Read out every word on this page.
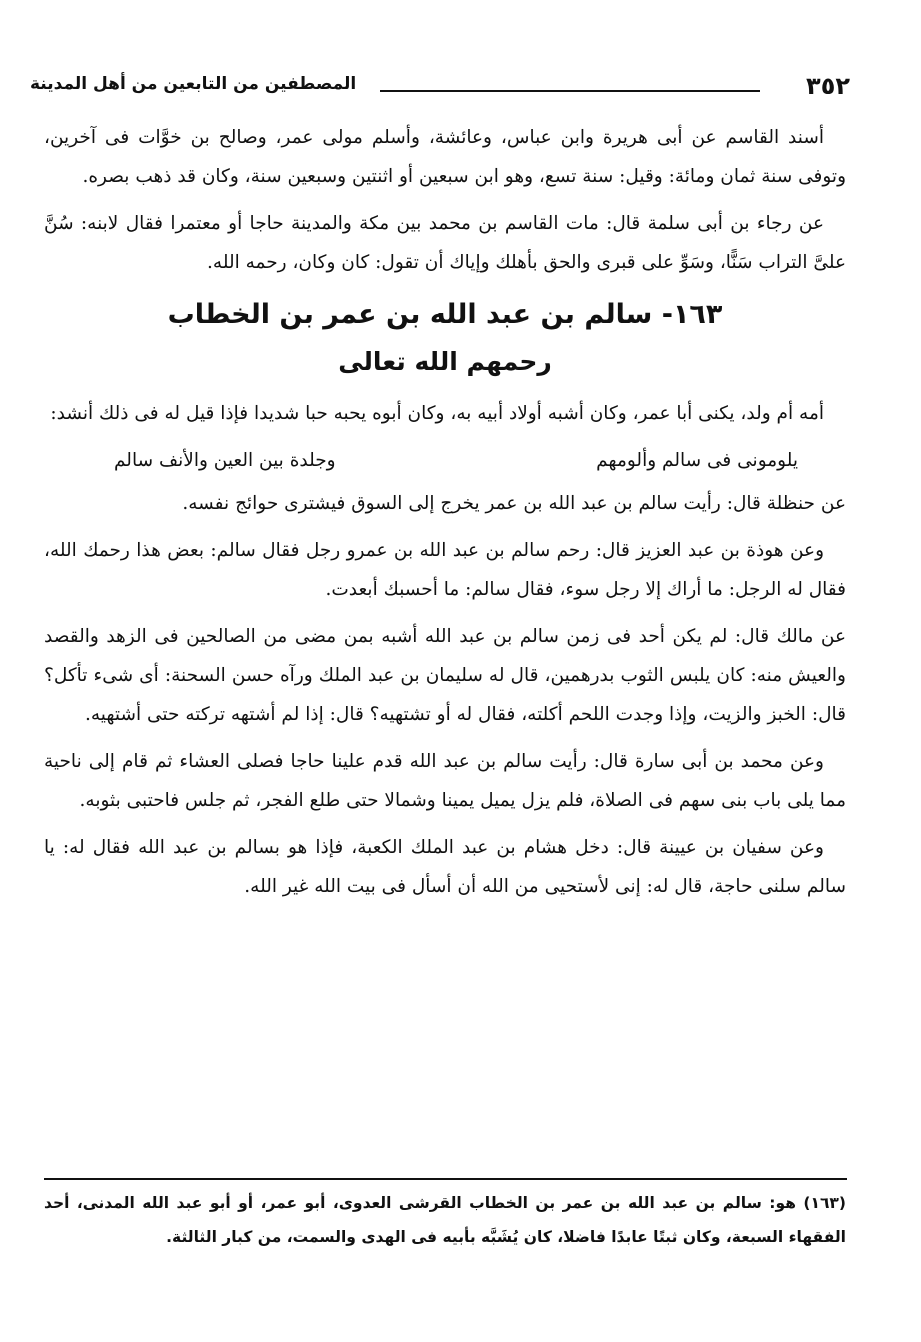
٣٥٢
المصطفين من التابعين من أهل المدينة

أسند القاسم عن أبى هريرة وابن عباس، وعائشة، وأسلم مولى عمر، وصالح بن خوَّات فى آخرين، وتوفى سنة ثمان ومائة: وقيل: سنة تسع، وهو ابن سبعين أو اثنتين وسبعين سنة، وكان قد ذهب بصره.

عن رجاء بن أبى سلمة قال: مات القاسم بن محمد بين مكة والمدينة حاجا أو معتمرا فقال لابنه: سُنَّ علىَّ التراب سَنًّا، وسَوِّ على قبرى والحق بأهلك وإياك أن تقول: كان وكان، رحمه الله.

١٦٣- سالم بن عبد الله بن عمر بن الخطاب
رحمهم الله تعالى

أمه أم ولد، يكنى أبا عمر، وكان أشبه أولاد أبيه به، وكان أبوه يحبه حبا شديدا فإذا قيل له فى ذلك أنشد:

يلومونى فى سالم وألومهم
وجلدة بين العين والأنف سالم

عن حنظلة قال: رأيت سالم بن عبد الله بن عمر يخرج إلى السوق فيشترى حوائج نفسه.

وعن هوذة بن عبد العزيز قال: رحم سالم بن عبد الله بن عمرو رجل فقال سالم: بعض هذا رحمك الله، فقال له الرجل: ما أراك إلا رجل سوء، فقال سالم: ما أحسبك أبعدت.

عن مالك قال: لم يكن أحد فى زمن سالم بن عبد الله أشبه بمن مضى من الصالحين فى الزهد والقصد والعيش منه: كان يلبس الثوب بدرهمين، قال له سليمان بن عبد الملك ورآه حسن السحنة: أى شىء تأكل؟ قال: الخبز والزيت، وإذا وجدت اللحم أكلته، فقال له أو تشتهيه؟ قال: إذا لم أشتهه تركته حتى أشتهيه.

وعن محمد بن أبى سارة قال: رأيت سالم بن عبد الله قدم علينا حاجا فصلى العشاء ثم قام إلى ناحية مما يلى باب بنى سهم فى الصلاة، فلم يزل يميل يمينا وشمالا حتى طلع الفجر، ثم جلس فاحتبى بثوبه.

وعن سفيان بن عيينة قال: دخل هشام بن عبد الملك الكعبة، فإذا هو بسالم بن عبد الله فقال له: يا سالم سلنى حاجة، قال له: إنى لأستحيى من الله أن أسأل فى بيت الله غير الله.

(١٦٣) هو: سالم بن عبد الله بن عمر بن الخطاب القرشى العدوى، أبو عمر، أو أبو عبد الله المدنى، أحد الفقهاء السبعة، وكان ثبتًا عابدًا فاضلا، كان يُشَبَّه بأبيه فى الهدى والسمت، من كبار الثالثة.
